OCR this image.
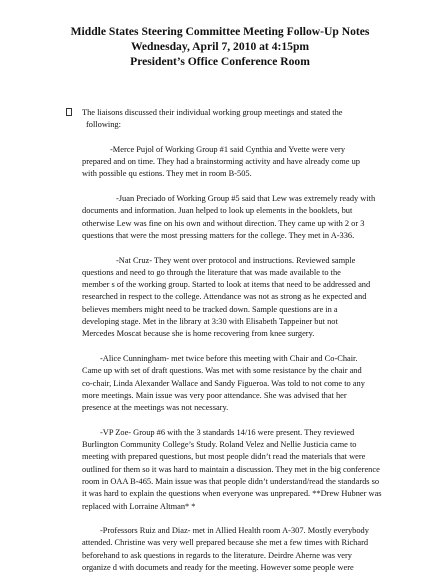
Middle States Steering Committee Meeting Follow-Up Notes
Wednesday, April 7, 2010 at 4:15pm
President’s Office Conference Room
The liaisons discussed their individual working group meetings and stated the
following:
-Merce Pujol of Working Group #1 said Cynthia and Yvette were very
prepared and on time. They had a brainstorming activity and have already come up
with possible qu estions. They met in room B-505.
-Juan Preciado of Working Group #5 said that Lew was extremely ready with
documents and information. Juan helped to look up elements in the booklets, but
otherwise Lew was fine on his own and without direction. They came up with 2 or 3
questions that were the most pressing matters for the college. They met in A-336.
-Nat Cruz- They went over protocol and instructions. Reviewed sample
questions and need to go through the literature that was made available to the
member s of the working group. Started to look at items that need to be addressed and
researched in respect to the college. Attendance was not as strong as he expected and
believes members might need to be tracked down. Sample questions are in a
developing stage. Met in the library at 3:30 with Elisabeth Tappeiner but not
Mercedes Moscat because she is home recovering from knee surgery.
-Alice Cunningham- met twice before this meeting with Chair and Co-Chair.
Came up with set of draft questions. Was met with some resistance by the chair and
co-chair, Linda Alexander Wallace and Sandy Figueroa. Was told to not come to any
more meetings. Main issue was very poor attendance. She was advised that her
presence at the meetings was not necessary.
-VP Zoe- Group #6 with the 3 standards 14/16 were present. They reviewed
Burlington Community College’s Study. Roland Velez and Nellie Justicia came to
meeting with prepared questions, but most people didn’t read the materials that were
outlined for them so it was hard to maintain a discussion. They met in the big conference
room in OAA B-465. Main issue was that people didn’t understand/read the standards so
it was hard to explain the questions when everyone was unprepared. **Drew Hubner was
replaced with Lorraine Altman* *
-Professors Ruiz and Diaz- met in Allied Health room A-307. Mostly everybody
attended. Christine was very well prepared because she met a few times with Richard
beforehand to ask questions in regards to the literature. Deirdre Aherne was very
organize d with documets and ready for the meeting. However some people were
